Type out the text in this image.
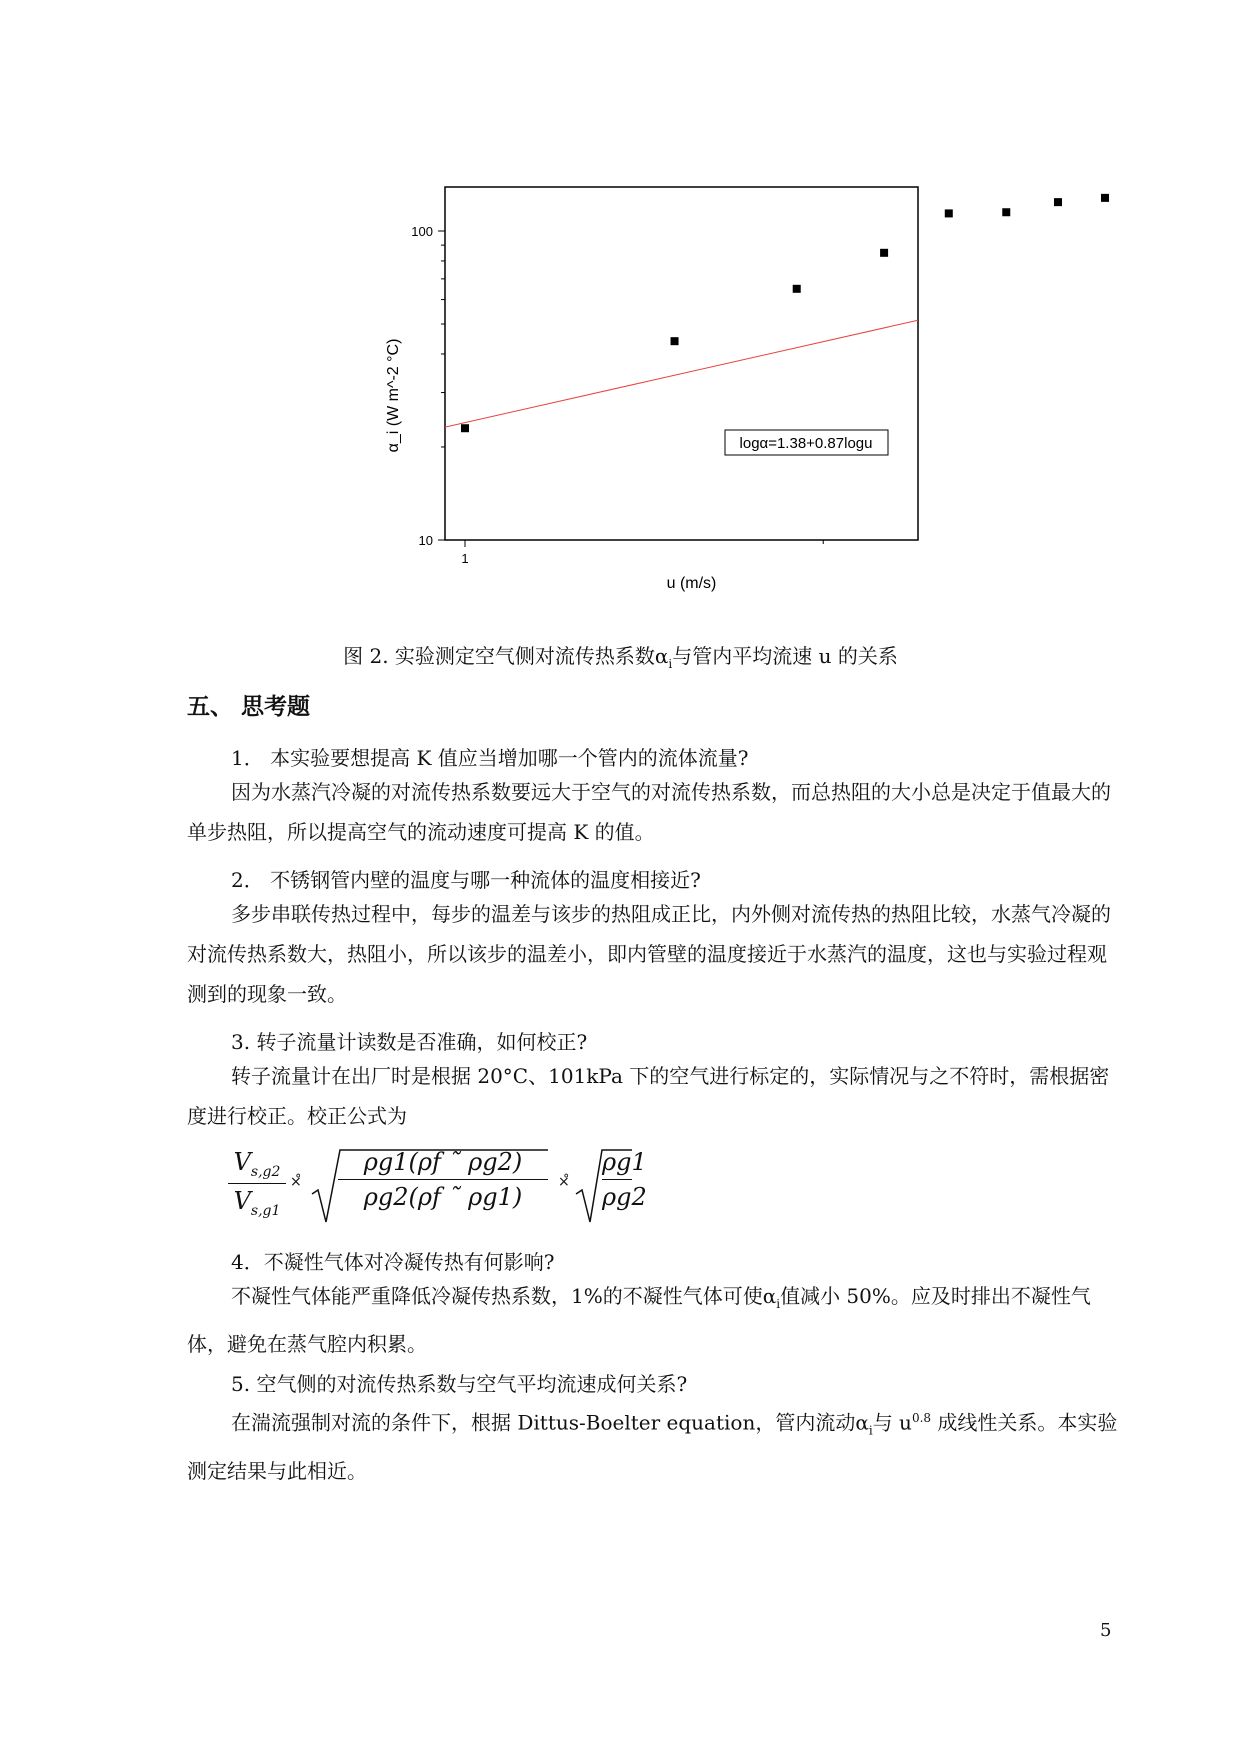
10
100
1
u (m/s)
α_i (W m^-2 °C)	logα=1.38+0.87logu
图 2. 实验测定空气侧对流传热系数$\alpha_i$与管内平均流速 u 的关系
五、 思考题
1． 本实验要想提高 K 值应当增加哪一个管内的流体流量?
因为水蒸汽冷凝的对流传热系数要远大于空气的对流传热系数，而总热阻的大小总是决定于值最大的单步热阻，所以提高空气的流动速度可提高 K 的值。
2． 不锈钢管内壁的温度与哪一种流体的温度相接近?
多步串联传热过程中，每步的温差与该步的热阻成正比，内外侧对流传热的热阻比较，水蒸气冷凝的对流传热系数大，热阻小，所以该步的温差小，即内管壁的温度接近于水蒸汽的温度，这也与实验过程观测到的现象一致。
3. 转子流量计读数是否准确，如何校正?
转子流量计在出厂时是根据 20°C、101kPa 下的空气进行标定的，实际情况与之不符时，需根据密度进行校正。校正公式为
$V_{s,g2}$
$V_{s,g1}$
×̊
ρg1(ρf ˜ ρg2)
ρg2(ρf ˜ ρg1)
×̊
ρg1
ρg2
4．不凝性气体对冷凝传热有何影响?
不凝性气体能严重降低冷凝传热系数，1%的不凝性气体可使$\alpha_i$值减小 50%。应及时排出不凝性气体，避免在蒸气腔内积累。
5. 空气侧的对流传热系数与空气平均流速成何关系?
在湍流强制对流的条件下，根据 Dittus-Boelter equation，管内流动$\alpha_i$与 $u^{0.8}$ 成线性关系。本实验测定结果与此相近。
5
